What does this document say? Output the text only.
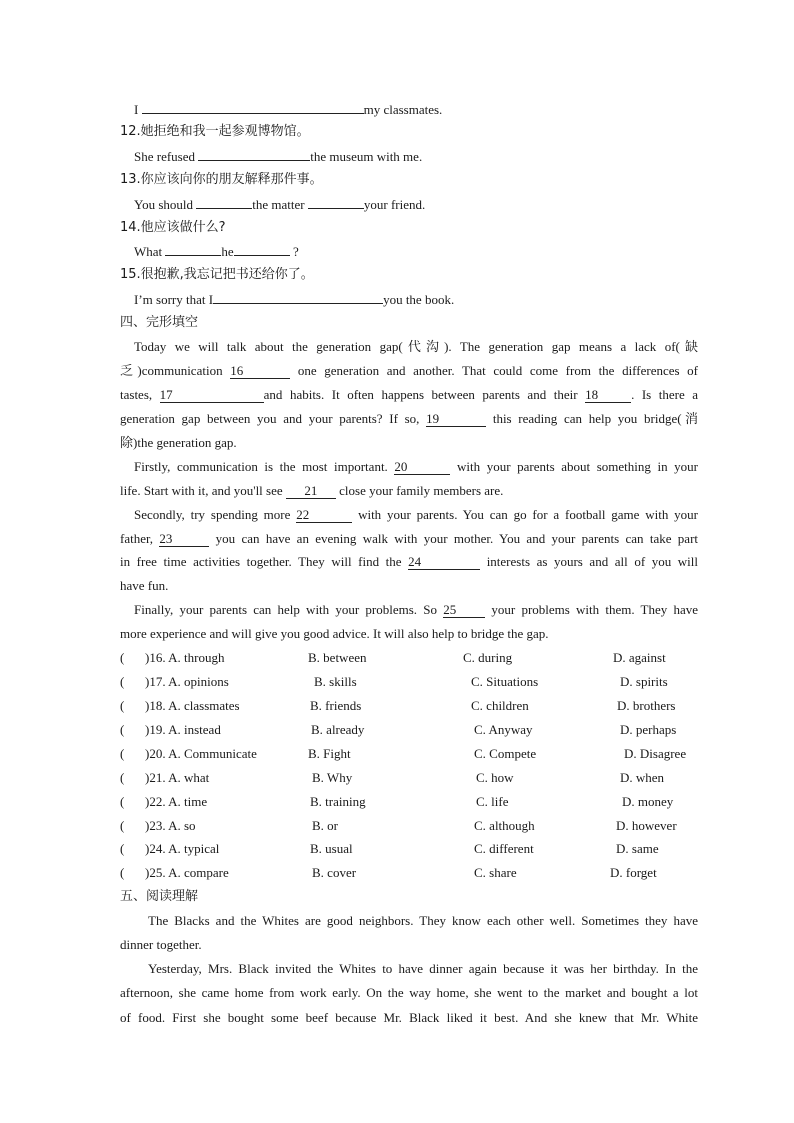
I	my classmates.
12.她拒绝和我一起参观博物馆。
She refused	the museum with me.
13.你应该向你的朋友解释那件事。
You should	the matter	your friend.
14.他应该做什么?
What	he	?
15.很抱歉,我忘记把书还给你了。
I’m sorry that I	you the book.
四、完形填空
Today we will talk about the generation gap(代沟). The generation gap means a lack of(缺
乏)communication 16	one generation and another. That could come from the differences of
tastes, 17	and habits. It often happens between parents and their 18	. Is there a
generation gap between you and your parents? If so, 19	this reading can help you bridge(消
除)the generation gap.
Firstly, communication is the most important. 20	with your parents about something in your
life. Start with it, and you'll see 21 close your family members are.
Secondly, try spending more 22	with your parents. You can go for a football game with your
father, 23	you can have an evening walk with your mother. You and your parents can take part
in free time activities together. They will find the 24	interests as yours and all of you will
have fun.
Finally, your parents can help with your problems. So 25	your problems with them. They have
more experience and will give you good advice. It will also help to bridge the gap.
( )16. A. through	B. between	C. during	D. against
( )17. A. opinions	B. skills	C. Situations	D. spirits
( )18. A. classmates	B. friends	C. children	D. brothers
( )19. A. instead	B. already	C. Anyway	D. perhaps
( )20. A. Communicate	B. Fight	C. Compete	D. Disagree
( )21. A. what	B. Why	C. how	D. when
( )22. A. time	B. training	C. life	D. money
( )23. A. so	B. or	C. although	D. however
( )24. A. typical	B. usual	C. different	D. same
( )25. A. compare	B. cover	C. share	D. forget
五、阅读理解
The Blacks and the Whites are good neighbors. They know each other well. Sometimes they have
dinner together.
Yesterday, Mrs. Black invited the Whites to have dinner again because it was her birthday. In the
afternoon, she came home from work early. On the way home, she went to the market and bought a lot
of food. First she bought some beef because Mr. Black liked it best. And she knew that Mr. White
